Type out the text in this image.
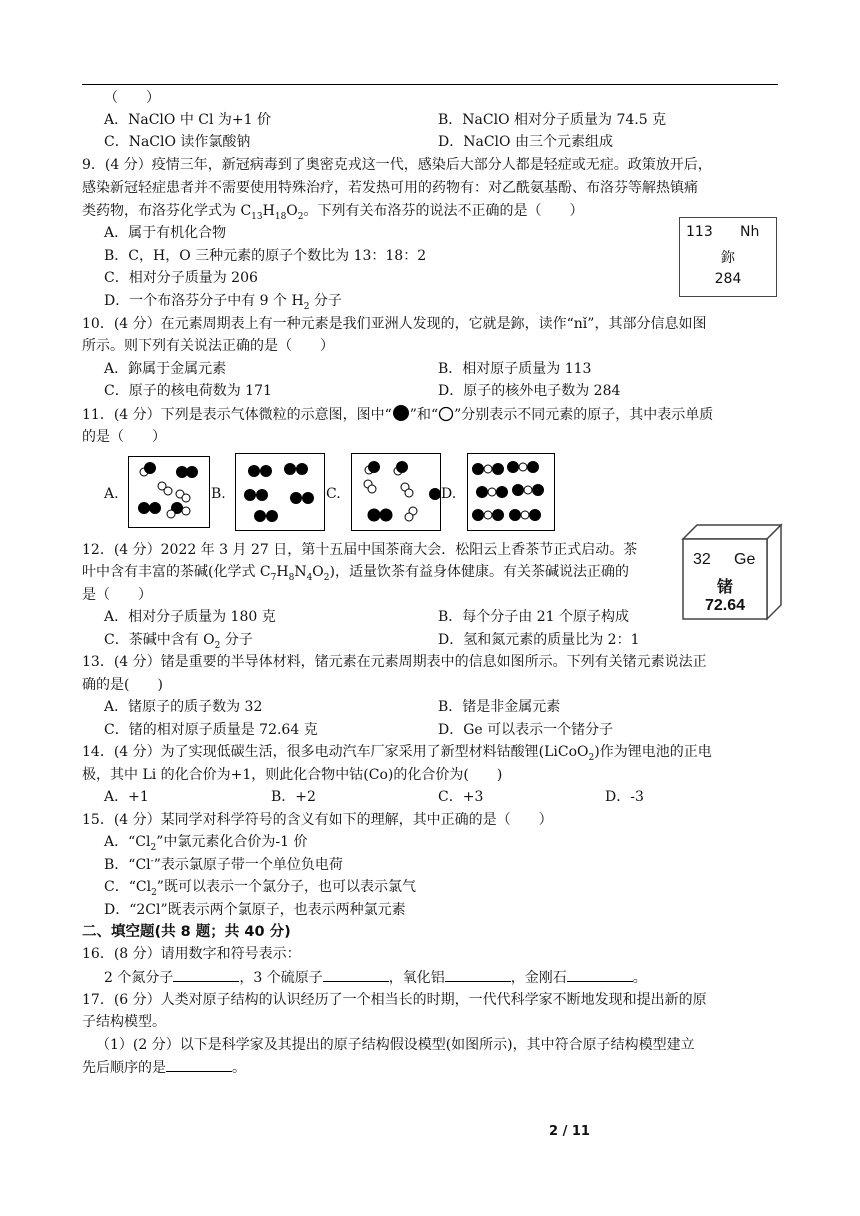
（　　）
A．NaClO 中 Cl 为+1 价	B．NaClO 相对分子质量为 74.5 克
C．NaClO 读作氯酸钠	D．NaClO 由三个元素组成
9．(4 分）疫情三年，新冠病毒到了奥密克戎这一代，感染后大部分人都是轻症或无症。政策放开后，
感染新冠轻症患者并不需要使用特殊治疗，若发热可用的药物有：对乙酰氨基酚、布洛芬等解热镇痛
类药物，布洛芬化学式为 $C_{13}H_{18}O_2$。下列有关布洛芬的说法不正确的是（　　）
A．属于有机化合物
B．C，H，O 三种元素的原子个数比为 13：18：2
C．相对分子质量为 206
D．一个布洛芬分子中有 9 个 $H_2$ 分子
113 Nh
鉨
284
10．(4 分）在元素周期表上有一种元素是我们亚洲人发现的，它就是鉨，读作“nǐ”，其部分信息如图
所示。则下列有关说法正确的是（　　）
A．鉨属于金属元素	B．相对原子质量为 113
C．原子的核电荷数为 171	D．原子的核外电子数为 284
11．(4 分）下列是表示气体微粒的示意图，图中“ ”和“ ”分别表示不同元素的原子，其中表示单质
的是（　　）
A.	B.	C.	D.
32 Ge
锗
72.64
12．(4 分）2022 年 3 月 27 日，第十五届中国茶商大会．松阳云上香茶节正式启动。茶
叶中含有丰富的茶碱(化学式 $C_7H_8N_4O_2$)，适量饮茶有益身体健康。有关茶碱说法正确的
是（　　）
A．相对分子质量为 180 克	B．每个分子由 21 个原子构成
C．茶碱中含有 $O_2$ 分子	D．氢和氮元素的质量比为 2：1
13．(4 分）锗是重要的半导体材料，锗元素在元素周期表中的信息如图所示。下列有关锗元素说法正
确的是(　　)
A．锗原子的质子数为 32	B．锗是非金属元素
C．锗的相对原子质量是 72.64 克	D．Ge 可以表示一个锗分子
14．(4 分）为了实现低碳生活，很多电动汽车厂家采用了新型材料钴酸锂(LiCoO$_2$)作为锂电池的正电
极，其中 Li 的化合价为+1，则此化合物中钴(Co)的化合价为(　　)
A．+1	B．+2	C．+3	D．-3
15．(4 分）某同学对科学符号的含义有如下的理解，其中正确的是（　　）
A．“$Cl_2$”中氯元素化合价为-1 价
B．“Cl-”表示氯原子带一个单位负电荷
C．“$Cl_2$”既可以表示一个氯分子，也可以表示氯气
D．“2Cl”既表示两个氯原子，也表示两种氯元素
二、填空题(共 8 题；共 40 分)
16．(8 分）请用数字和符号表示：
2 个氮分子	，3 个硫原子	，氧化铝	，金刚石	。
17．(6 分）人类对原子结构的认识经历了一个相当长的时期，一代代科学家不断地发现和提出新的原
子结构模型。
（1）(2 分）以下是科学家及其提出的原子结构假设模型(如图所示)，其中符合原子结构模型建立
先后顺序的是	。
2 / 11
